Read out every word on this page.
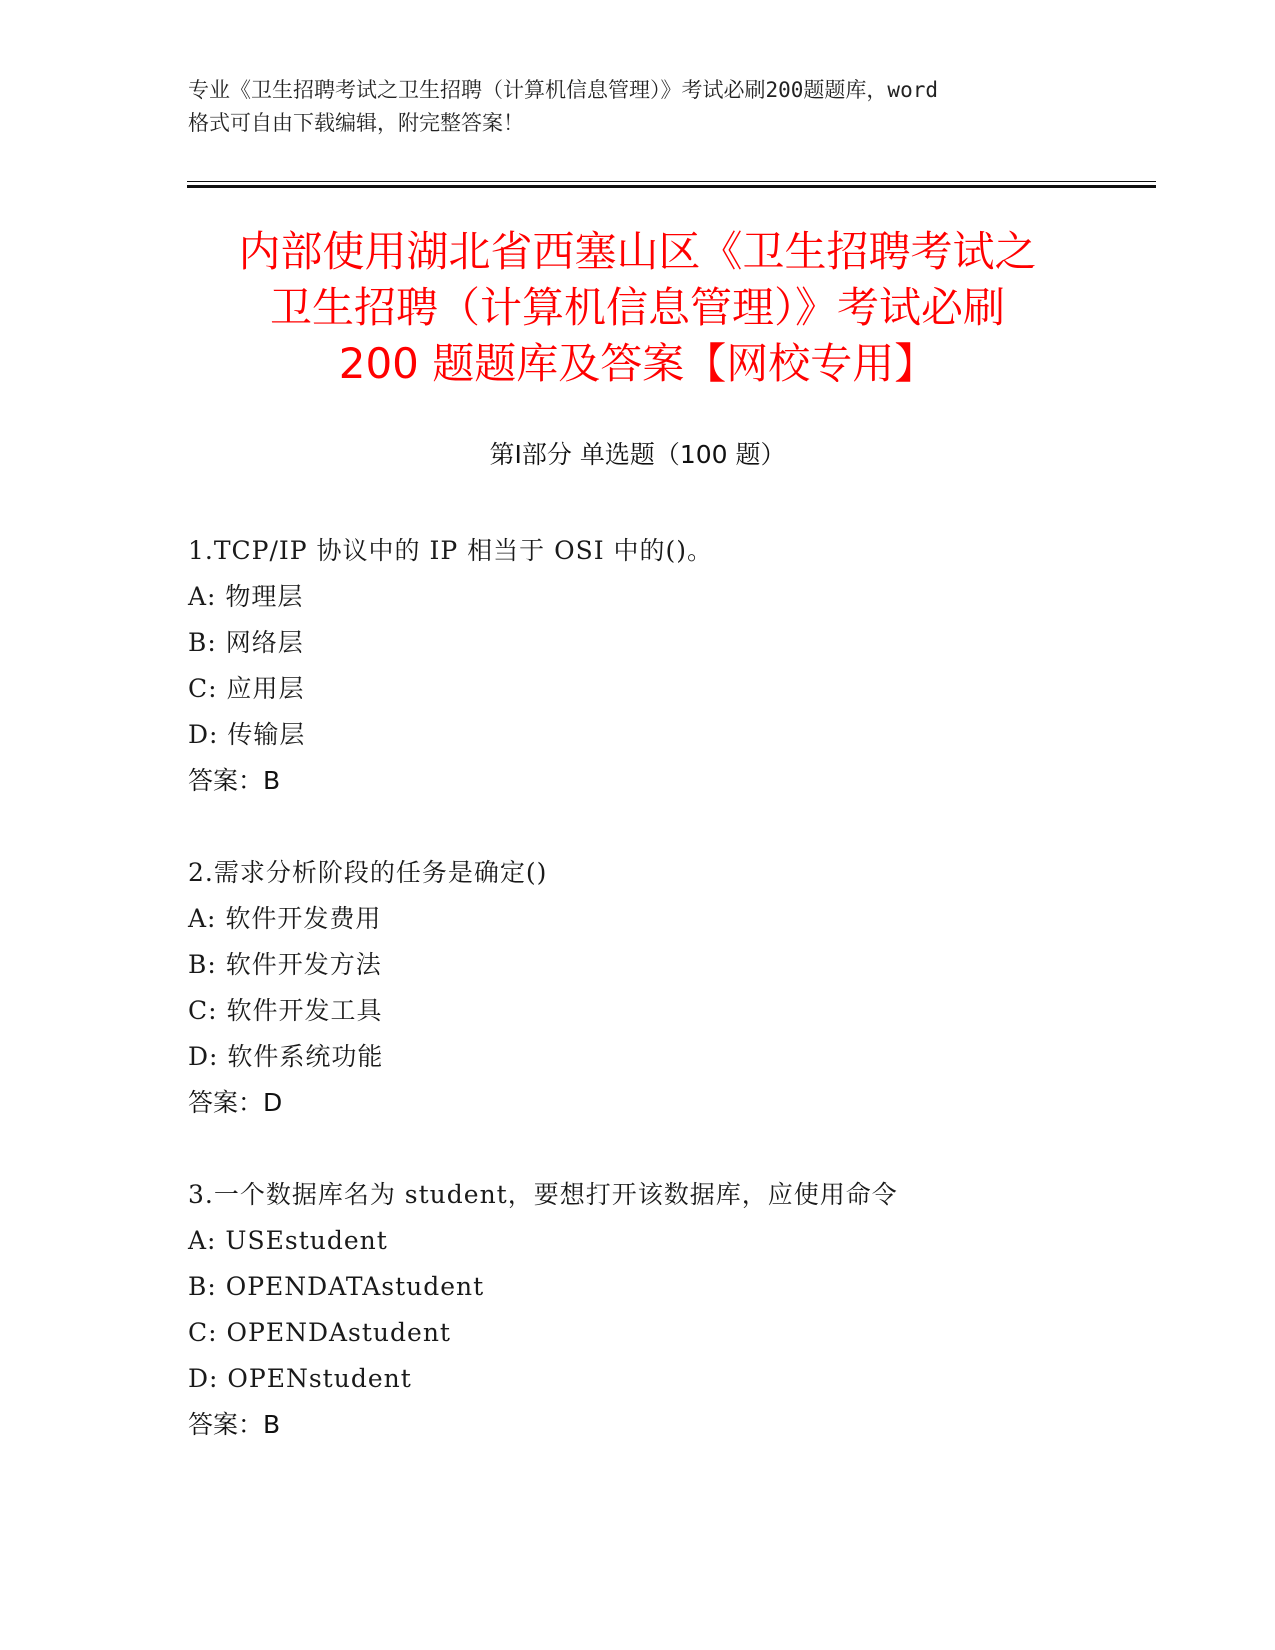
专业《卫生招聘考试之卫生招聘（计算机信息管理）》考试必刷200题题库，word
格式可自由下载编辑，附完整答案！
内部使用湖北省西塞山区《卫生招聘考试之
卫生招聘（计算机信息管理）》考试必刷
200 题题库及答案【网校专用】
第Ⅰ部分 单选题（100 题）
1.TCP/IP 协议中的 IP 相当于 OSI 中的()。
A: 物理层
B: 网络层
C: 应用层
D: 传输层
答案：B
2.需求分析阶段的任务是确定()
A: 软件开发费用
B: 软件开发方法
C: 软件开发工具
D: 软件系统功能
答案：D
3.一个数据库名为 student，要想打开该数据库，应使用命令
A: USEstudent
B: OPENDATAstudent
C: OPENDAstudent
D: OPENstudent
答案：B
